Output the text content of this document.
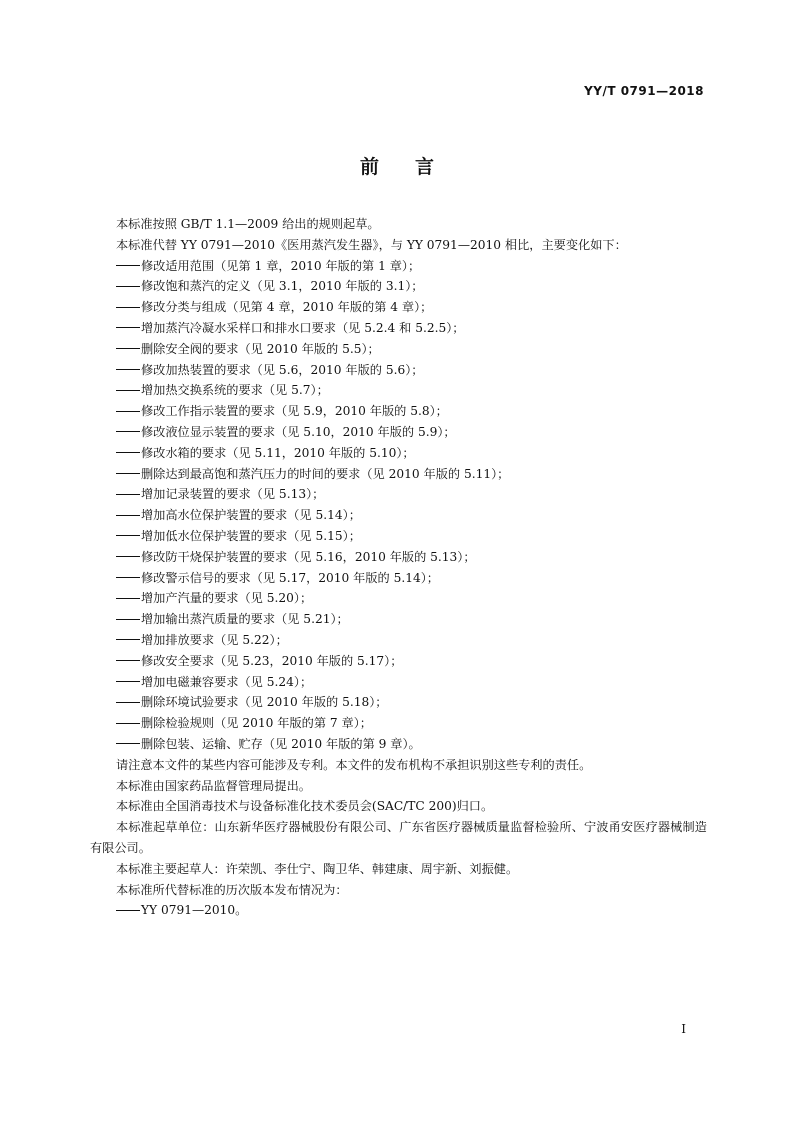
YY/T 0791—2018
前言

本标准按照 GB/T 1.1—2009 给出的规则起草。

本标准代替 YY 0791—2010《医用蒸汽发生器》，与 YY 0791—2010 相比，主要变化如下：

修改适用范围（见第 1 章，2010 年版的第 1 章）；
修改饱和蒸汽的定义（见 3.1，2010 年版的 3.1）；
修改分类与组成（见第 4 章，2010 年版的第 4 章）；
增加蒸汽冷凝水采样口和排水口要求（见 5.2.4 和 5.2.5）；
删除安全阀的要求（见 2010 年版的 5.5）；
修改加热装置的要求（见 5.6，2010 年版的 5.6）；
增加热交换系统的要求（见 5.7）；
修改工作指示装置的要求（见 5.9，2010 年版的 5.8）；
修改液位显示装置的要求（见 5.10，2010 年版的 5.9）；
修改水箱的要求（见 5.11，2010 年版的 5.10）；
删除达到最高饱和蒸汽压力的时间的要求（见 2010 年版的 5.11）；
增加记录装置的要求（见 5.13）；
增加高水位保护装置的要求（见 5.14）；
增加低水位保护装置的要求（见 5.15）；
修改防干烧保护装置的要求（见 5.16，2010 年版的 5.13）；
修改警示信号的要求（见 5.17，2010 年版的 5.14）；
增加产汽量的要求（见 5.20）；
增加输出蒸汽质量的要求（见 5.21）；
增加排放要求（见 5.22）；
修改安全要求（见 5.23，2010 年版的 5.17）；
增加电磁兼容要求（见 5.24）；
删除环境试验要求（见 2010 年版的 5.18）；
删除检验规则（见 2010 年版的第 7 章）；
删除包装、运输、贮存（见 2010 年版的第 9 章）。

请注意本文件的某些内容可能涉及专利。本文件的发布机构不承担识别这些专利的责任。

本标准由国家药品监督管理局提出。

本标准由全国消毒技术与设备标准化技术委员会(SAC/TC 200)归口。

本标准起草单位：山东新华医疗器械股份有限公司、广东省医疗器械质量监督检验所、宁波甬安医疗器械制造有限公司。

本标准主要起草人：许荣凯、李仕宁、陶卫华、韩建康、周宇新、刘振健。

本标准所代替标准的历次版本发布情况为：

YY 0791—2010。
I
